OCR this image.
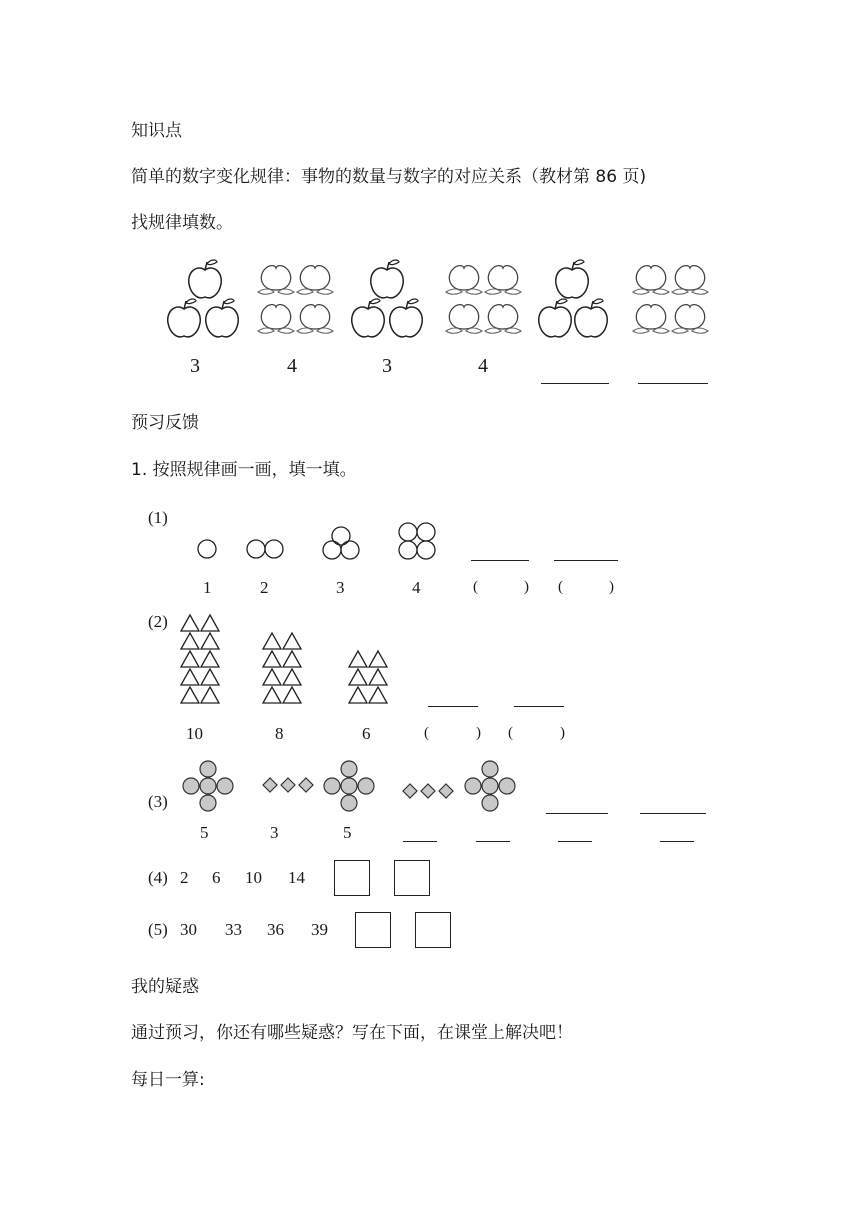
知识点
简单的数字变化规律：事物的数量与数字的对应关系（教材第 86 页)
找规律填数。
3	4	3	4
预习反馈
1. 按照规律画一画，填一填。
(1)
1	2	3	4	(	) (	)
(2)
10	8	6	(	) (	)
(3)
5	3	5
(4) 2 6 10 14
(5) 30 33 36 39
我的疑惑
通过预习，你还有哪些疑惑？写在下面，在课堂上解决吧！
每日一算:
